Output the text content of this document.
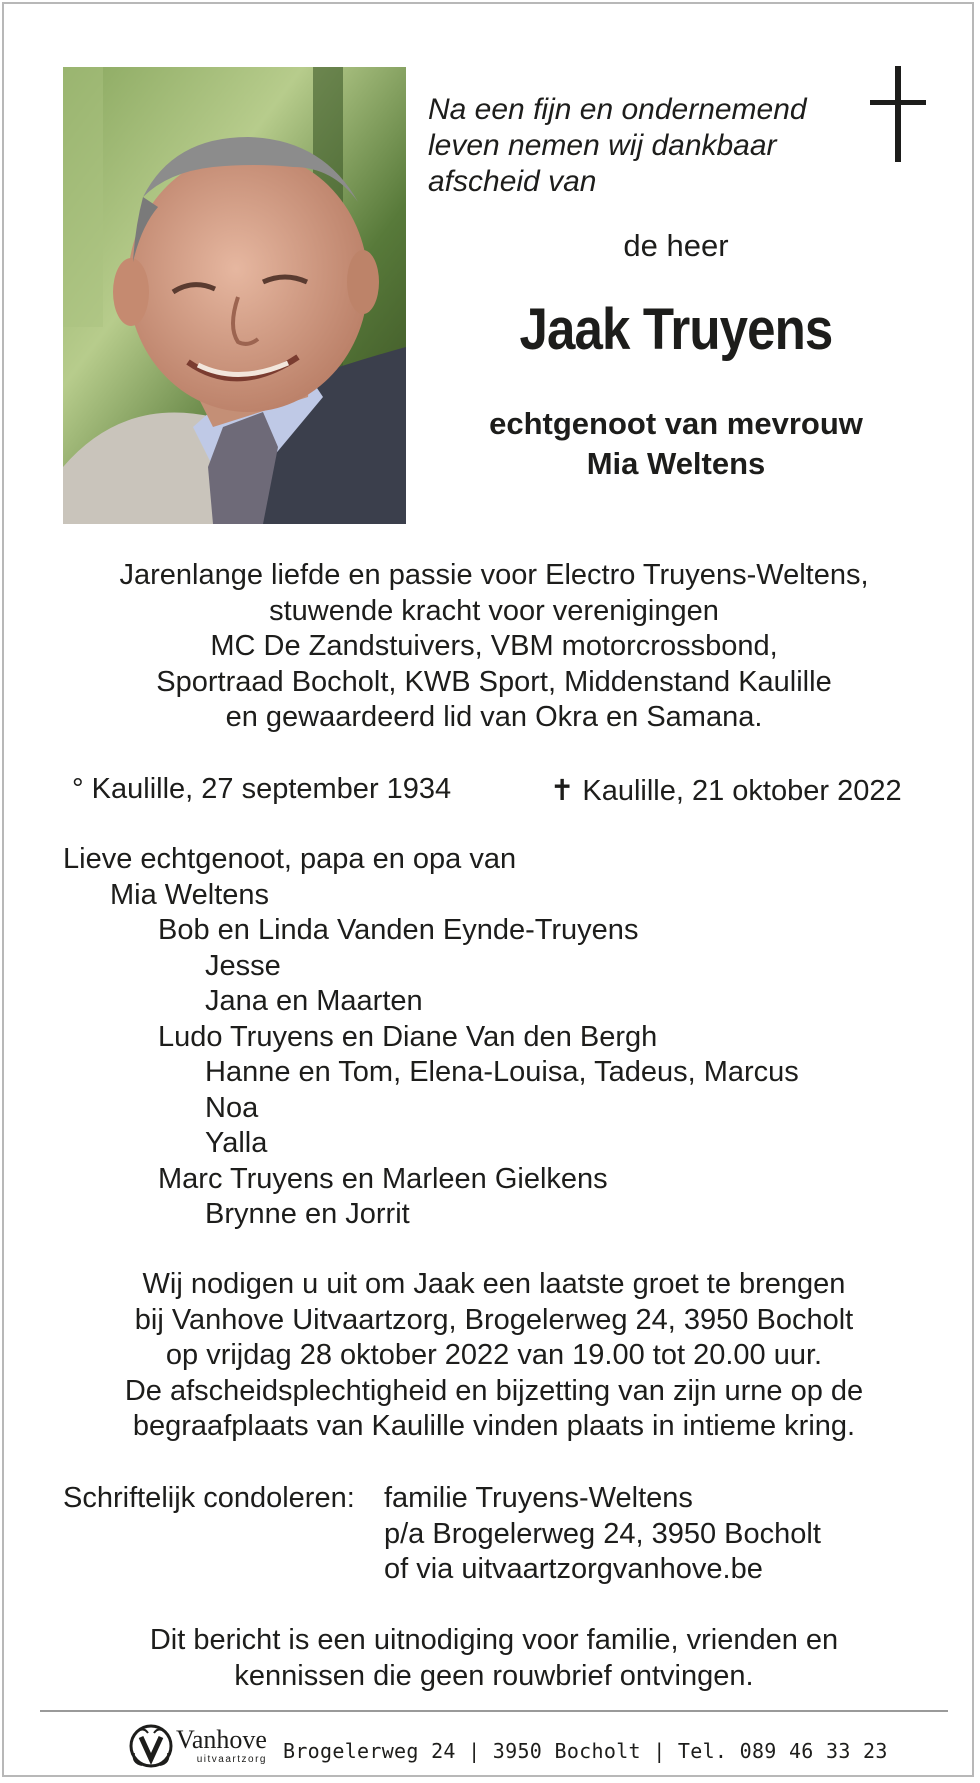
Na een fijn en ondernemend
leven nemen wij dankbaar
afscheid van
de heer
Jaak Truyens
echtgenoot van mevrouw
Mia Weltens
Jarenlange liefde en passie voor Electro Truyens-Weltens,
stuwende kracht voor verenigingen
MC De Zandstuivers, VBM motorcrossbond,
Sportraad Bocholt, KWB Sport, Middenstand Kaulille
en gewaardeerd lid van Okra en Samana.
° Kaulille, 27 september 1934	✝ Kaulille, 21 oktober 2022
Lieve echtgenoot, papa en opa van
Mia Weltens
Bob en Linda Vanden Eynde-Truyens
Jesse
Jana en Maarten
Ludo Truyens en Diane Van den Bergh
Hanne en Tom, Elena-Louisa, Tadeus, Marcus
Noa
Yalla
Marc Truyens en Marleen Gielkens
Brynne en Jorrit
Wij nodigen u uit om Jaak een laatste groet te brengen
bij Vanhove Uitvaartzorg, Brogelerweg 24, 3950 Bocholt
op vrijdag 28 oktober 2022 van 19.00 tot 20.00 uur.
De afscheidsplechtigheid en bijzetting van zijn urne op de
begraafplaats van Kaulille vinden plaats in intieme kring.
Schriftelijk condoleren:	familie Truyens-Weltens
p/a Brogelerweg 24, 3950 Bocholt
of via uitvaartzorgvanhove.be
Dit bericht is een uitnodiging voor familie, vrienden en
kennissen die geen rouwbrief ontvingen.
Vanhove
uitvaartzorg Brogelerweg 24 | 3950 Bocholt | Tel. 089 46 33 23
